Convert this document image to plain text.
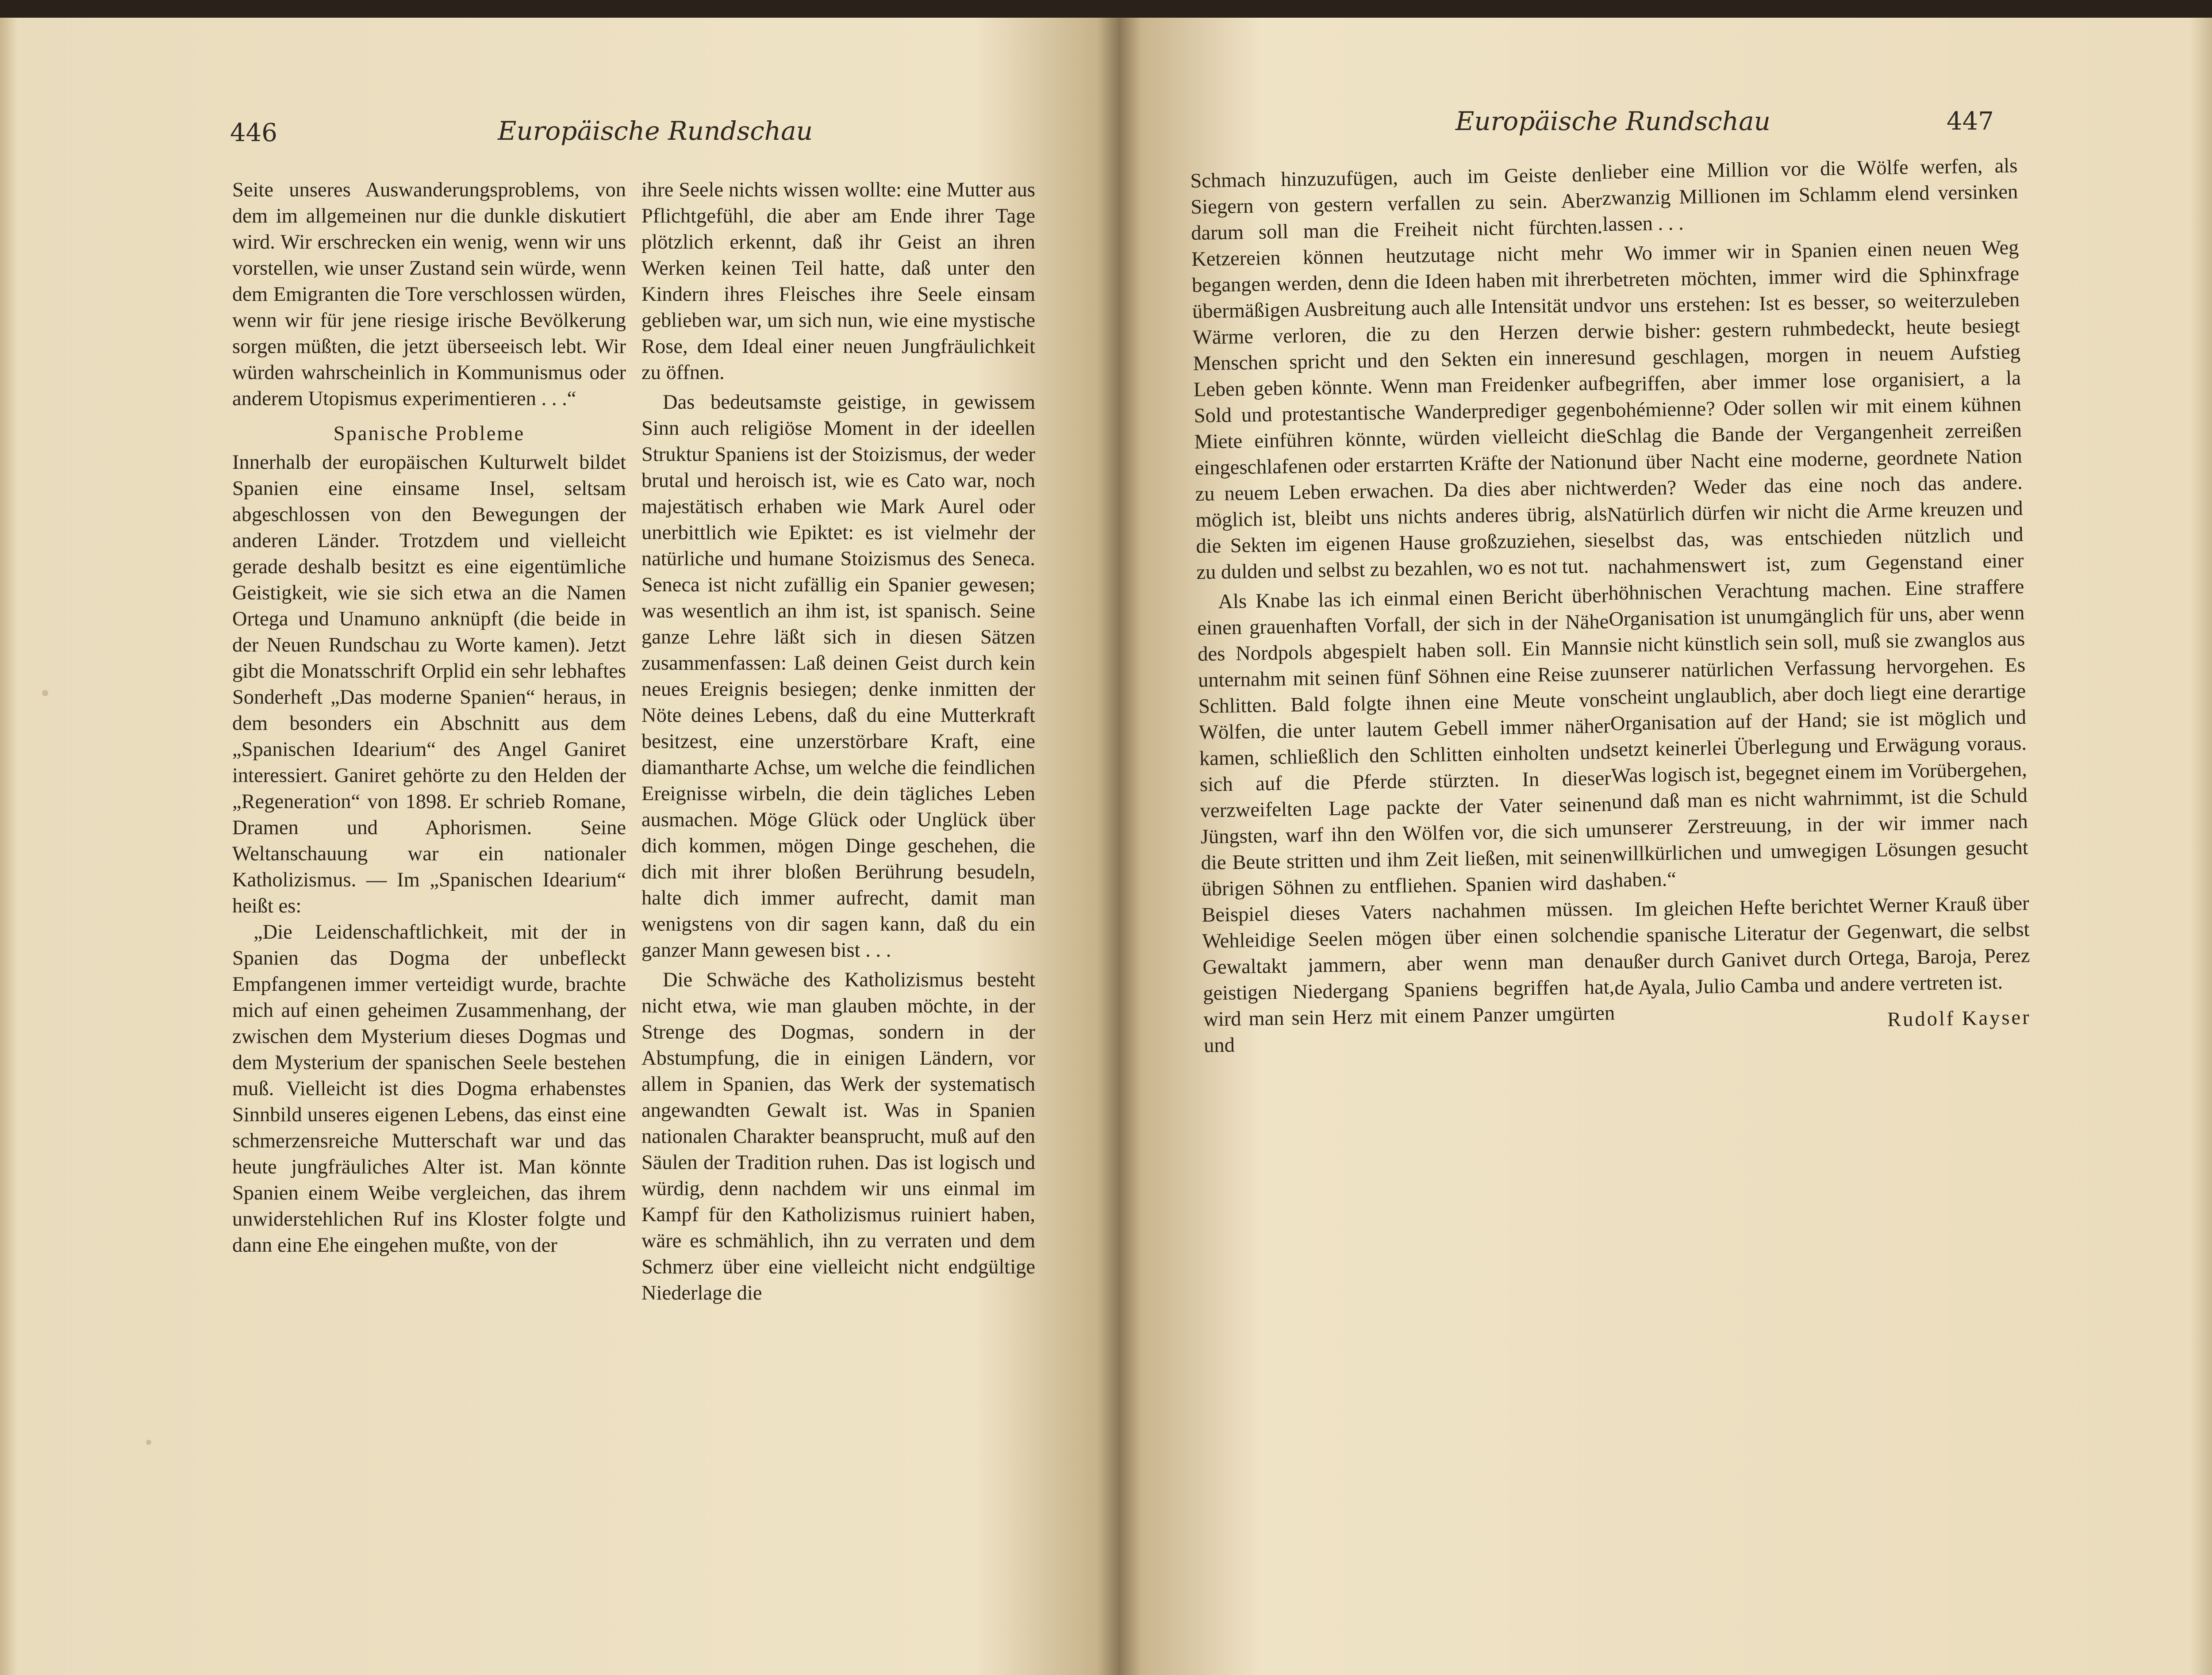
446	Europäische Rundschau

Seite unseres Auswanderungsproblems, von dem im allgemeinen nur die dunkle diskutiert wird. Wir erschrecken ein wenig, wenn wir uns vorstellen, wie unser Zustand sein würde, wenn dem Emigranten die Tore verschlossen würden, wenn wir für jene riesige irische Bevölkerung sorgen müßten, die jetzt überseeisch lebt. Wir würden wahrscheinlich in Kommunismus oder anderem Utopismus experimentieren . . .“

Spanische Probleme

Innerhalb der europäischen Kulturwelt bildet Spanien eine einsame Insel, seltsam abgeschlossen von den Bewegungen der anderen Länder. Trotzdem und vielleicht gerade deshalb besitzt es eine eigentümliche Geistigkeit, wie sie sich etwa an die Namen Ortega und Unamuno anknüpft (die beide in der Neuen Rundschau zu Worte kamen). Jetzt gibt die Monatsschrift Orplid ein sehr lebhaftes Sonderheft „Das moderne Spanien“ heraus, in dem besonders ein Abschnitt aus dem „Spanischen Idearium“ des Angel Ganiret interessiert. Ganiret gehörte zu den Helden der „Regeneration“ von 1898. Er schrieb Romane, Dramen und Aphorismen. Seine Weltanschauung war ein nationaler Katholizismus. — Im „Spanischen Idearium“ heißt es:

„Die Leidenschaftlichkeit, mit der in Spanien das Dogma der unbefleckt Empfangenen immer verteidigt wurde, brachte mich auf einen geheimen Zusammenhang, der zwischen dem Mysterium dieses Dogmas und dem Mysterium der spanischen Seele bestehen muß. Vielleicht ist dies Dogma erhabenstes Sinnbild unseres eigenen Lebens, das einst eine schmerzensreiche Mutterschaft war und das heute jungfräuliches Alter ist. Man könnte Spanien einem Weibe vergleichen, das ihrem unwiderstehlichen Ruf ins Kloster folgte und dann eine Ehe eingehen mußte, von der

ihre Seele nichts wissen wollte: eine Mutter aus Pflichtgefühl, die aber am Ende ihrer Tage plötzlich erkennt, daß ihr Geist an ihren Werken keinen Teil hatte, daß unter den Kindern ihres Fleisches ihre Seele einsam geblieben war, um sich nun, wie eine mystische Rose, dem Ideal einer neuen Jungfräulichkeit zu öffnen.

Das bedeutsamste geistige, in gewissem Sinn auch religiöse Moment in der ideellen Struktur Spaniens ist der Stoizismus, der weder brutal und heroisch ist, wie es Cato war, noch majestätisch erhaben wie Mark Aurel oder unerbittlich wie Epiktet: es ist vielmehr der natürliche und humane Stoizismus des Seneca. Seneca ist nicht zufällig ein Spanier gewesen; was wesentlich an ihm ist, ist spanisch. Seine ganze Lehre läßt sich in diesen Sätzen zusammenfassen: Laß deinen Geist durch kein neues Ereignis besiegen; denke inmitten der Nöte deines Lebens, daß du eine Mutterkraft besitzest, eine unzerstörbare Kraft, eine diamantharte Achse, um welche die feindlichen Ereignisse wirbeln, die dein tägliches Leben ausmachen. Möge Glück oder Unglück über dich kommen, mögen Dinge geschehen, die dich mit ihrer bloßen Berührung besudeln, halte dich immer aufrecht, damit man wenigstens von dir sagen kann, daß du ein ganzer Mann gewesen bist . . .

Die Schwäche des Katholizismus besteht nicht etwa, wie man glauben möchte, in der Strenge des Dogmas, sondern in der Abstumpfung, die in einigen Ländern, vor allem in Spanien, das Werk der systematisch angewandten Gewalt ist. Was in Spanien nationalen Charakter beansprucht, muß auf den Säulen der Tradition ruhen. Das ist logisch und würdig, denn nachdem wir uns einmal im Kampf für den Katholizismus ruiniert haben, wäre es schmählich, ihn zu verraten und dem Schmerz über eine vielleicht nicht endgültige Niederlage die

Europäische Rundschau	447

Schmach hinzuzufügen, auch im Geiste den Siegern von gestern verfallen zu sein. Aber darum soll man die Freiheit nicht fürchten. Ketzereien können heutzutage nicht mehr begangen werden, denn die Ideen haben mit ihrer übermäßigen Ausbreitung auch alle Intensität und Wärme verloren, die zu den Herzen der Menschen spricht und den Sekten ein inneres Leben geben könnte. Wenn man Freidenker auf Sold und protestantische Wanderprediger gegen Miete einführen könnte, würden vielleicht die eingeschlafenen oder erstarrten Kräfte der Nation zu neuem Leben erwachen. Da dies aber nicht möglich ist, bleibt uns nichts anderes übrig, als die Sekten im eigenen Hause großzuziehen, sie zu dulden und selbst zu bezahlen, wo es not tut.

Als Knabe las ich einmal einen Bericht über einen grauenhaften Vorfall, der sich in der Nähe des Nordpols abgespielt haben soll. Ein Mann unternahm mit seinen fünf Söhnen eine Reise zu Schlitten. Bald folgte ihnen eine Meute von Wölfen, die unter lautem Gebell immer näher kamen, schließlich den Schlitten einholten und sich auf die Pferde stürzten. In dieser verzweifelten Lage packte der Vater seinen Jüngsten, warf ihn den Wölfen vor, die sich um die Beute stritten und ihm Zeit ließen, mit seinen übrigen Söhnen zu entfliehen. Spanien wird das Beispiel dieses Vaters nachahmen müssen. Wehleidige Seelen mögen über einen solchen Gewaltakt jammern, aber wenn man den geistigen Niedergang Spaniens begriffen hat, wird man sein Herz mit einem Panzer umgürten und

lieber eine Million vor die Wölfe werfen, als zwanzig Millionen im Schlamm elend versinken lassen . . .

Wo immer wir in Spanien einen neuen Weg betreten möchten, immer wird die Sphinxfrage vor uns erstehen: Ist es besser, so weiterzuleben wie bisher: gestern ruhmbedeckt, heute besiegt und geschlagen, morgen in neuem Aufstieg begriffen, aber immer lose organisiert, a la bohémienne? Oder sollen wir mit einem kühnen Schlag die Bande der Vergangenheit zerreißen und über Nacht eine moderne, geordnete Nation werden? Weder das eine noch das andere. Natürlich dürfen wir nicht die Arme kreuzen und selbst das, was entschieden nützlich und nachahmenswert ist, zum Gegenstand einer höhnischen Verachtung machen. Eine straffere Organisation ist unumgänglich für uns, aber wenn sie nicht künstlich sein soll, muß sie zwanglos aus unserer natürlichen Verfassung hervorgehen. Es scheint unglaublich, aber doch liegt eine derartige Organisation auf der Hand; sie ist möglich und setzt keinerlei Überlegung und Erwägung voraus. Was logisch ist, begegnet einem im Vorübergehen, und daß man es nicht wahrnimmt, ist die Schuld unserer Zerstreuung, in der wir immer nach willkürlichen und umwegigen Lösungen gesucht haben.“

Im gleichen Hefte berichtet Werner Krauß über die spanische Literatur der Gegenwart, die selbst außer durch Ganivet durch Ortega, Baroja, Perez de Ayala, Julio Camba und andere vertreten ist.

Rudolf Kayser
